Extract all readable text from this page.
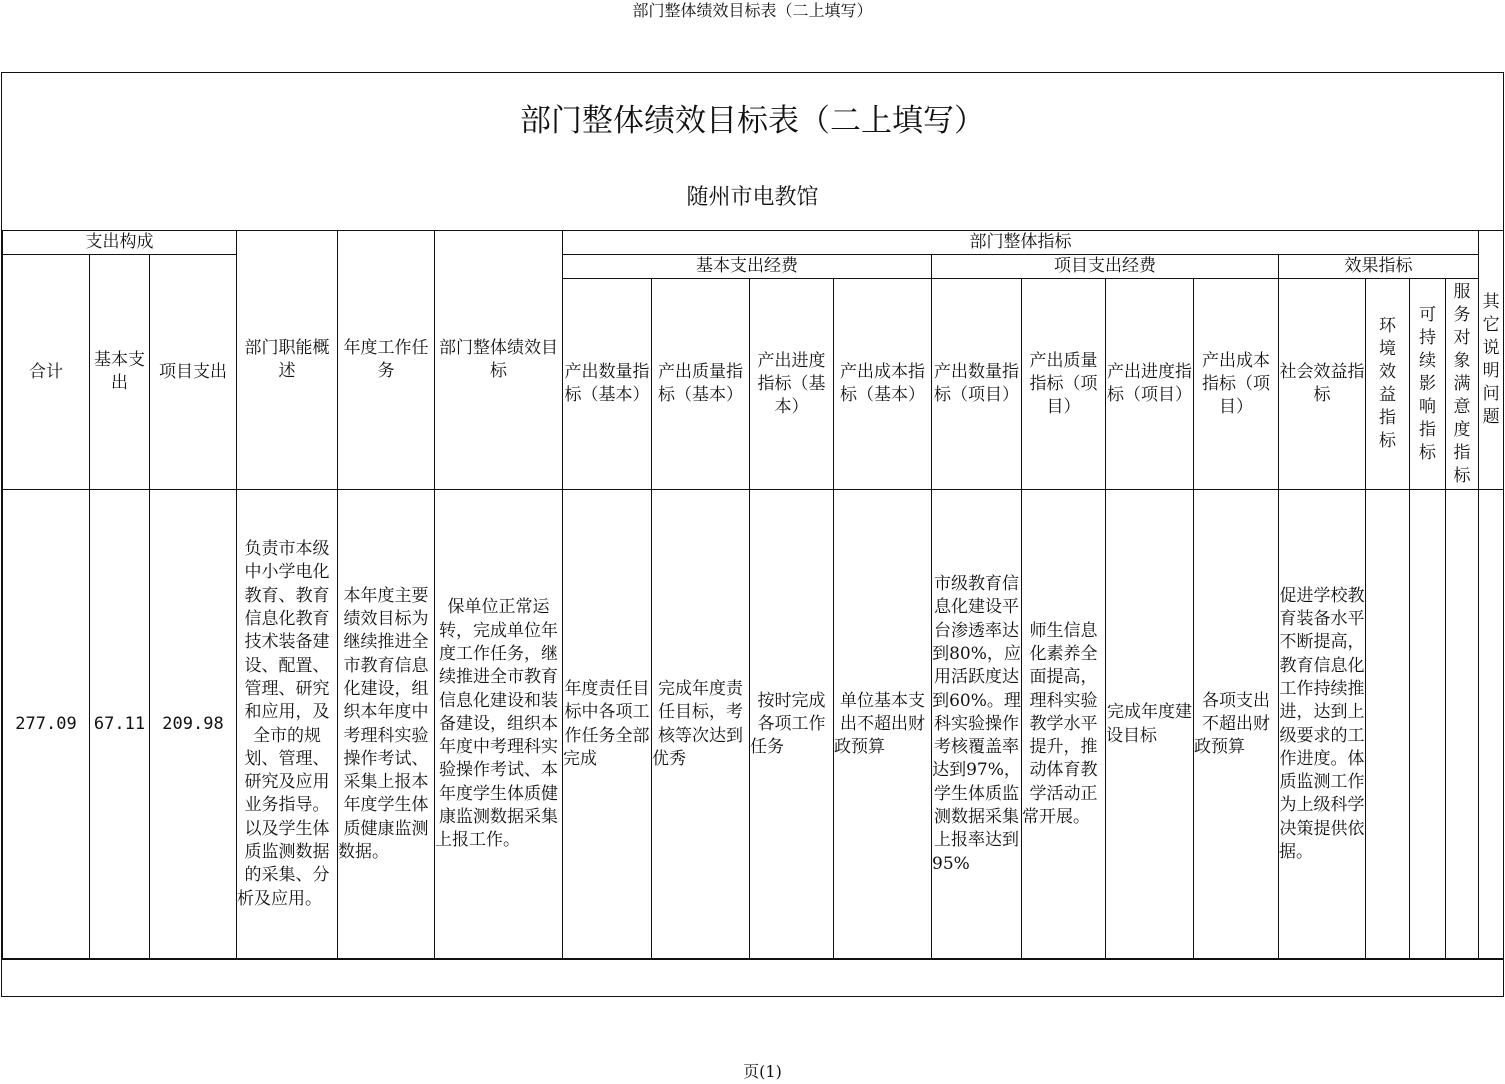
部门整体绩效目标表（二上填写）
部门整体绩效目标表（二上填写）
随州市电教馆
支出构成			部门职能概述	年度工作任务	部门整体绩效目标	部门整体指标												其它说明问题
合计	基本支出	项目支出				基本支出经费				项目支出经费				效果指标				
						产出数量指标（基本）	产出质量指标（基本）	产出进度指标（基本）	产出成本指标（基本）	产出数量指标（项目）	产出质量指标（项目）	产出进度指标（项目）	产出成本指标（项目）	社会效益指标	环境效益指标	可持续影响指标	服务对象满意度指标	
277.09	67.11	209.98	负责市本级中小学电化教育、教育信息化教育技术装备建设、配置、管理、研究和应用，及全市的规划、管理、研究及应用业务指导。以及学生体质监测数据的采集、分析及应用。	本年度主要绩效目标为继续推进全市教育信息化建设，组织本年度中考理科实验操作考试、采集上报本年度学生体质健康监测数据。	保单位正常运转，完成单位年度工作任务，继续推进全市教育信息化建设和装备建设，组织本年度中考理科实验操作考试、本年度学生体质健康监测数据采集上报工作。	年度责任目标中各项工作任务全部完成	完成年度责任目标，考核等次达到优秀	按时完成各项工作任务	单位基本支出不超出财政预算	市级教育信息化建设平台渗透率达到80%，应用活跃度达到60%。理科实验操作考核覆盖率达到97%，学生体质监测数据采集上报率达到95%	师生信息化素养全面提高，理科实验教学水平提升，推动体育教学活动正常开展。	完成年度建设目标	各项支出不超出财政预算	促进学校教育装备水平不断提高，教育信息化工作持续推进，达到上级要求的工作进度。体质监测工作为上级科学决策提供依据。				

页(1)
